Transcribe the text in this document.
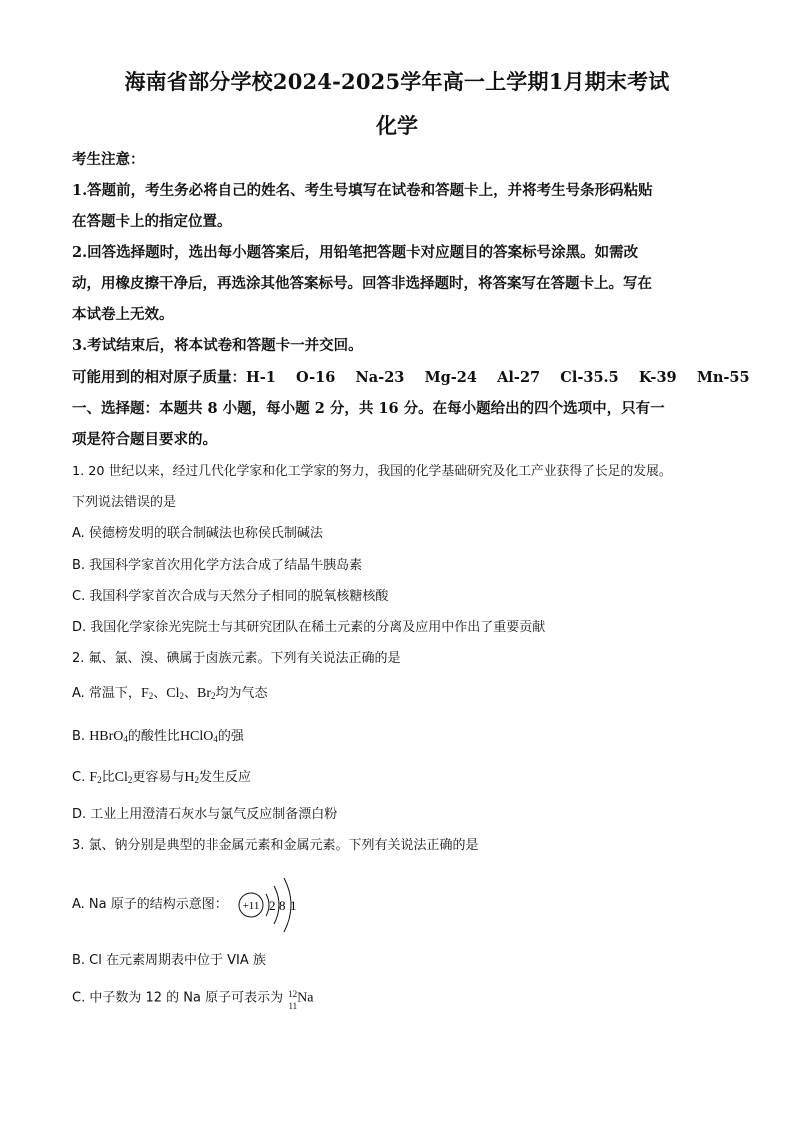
海南省部分学校2024-2025学年高一上学期1月期末考试
化学
考生注意：
1.答题前，考生务必将自己的姓名、考生号填写在试卷和答题卡上，并将考生号条形码粘贴
在答题卡上的指定位置。
2.回答选择题时，选出每小题答案后，用铅笔把答题卡对应题目的答案标号涂黑。如需改
动，用橡皮擦干净后，再选涂其他答案标号。回答非选择题时，将答案写在答题卡上。写在
本试卷上无效。
3.考试结束后，将本试卷和答题卡一并交回。
可能用到的相对原子质量：H-1    O-16    Na-23    Mg-24    Al-27    Cl-35.5    K-39    Mn-55
一、选择题：本题共 8 小题，每小题 2 分，共 16 分。在每小题给出的四个选项中，只有一
项是符合题目要求的。
1. 20 世纪以来，经过几代化学家和化工学家的努力，我国的化学基础研究及化工产业获得了长足的发展。
下列说法错误的是
A. 侯德榜发明的联合制碱法也称侯氏制碱法
B. 我国科学家首次用化学方法合成了结晶牛胰岛素
C. 我国科学家首次合成与天然分子相同的脱氧核糖核酸
D. 我国化学家徐光宪院士与其研究团队在稀土元素的分离及应用中作出了重要贡献
2. 氟、氯、溴、碘属于卤族元素。下列有关说法正确的是
A. 常温下，$F_2$、$Cl_2$、$Br_2$均为气态
B. HBrO$_4$的酸性比HClO$_4$的强
C. $F_2$比$Cl_2$更容易与$H_2$发生反应
D. 工业上用澄清石灰水与氯气反应制备漂白粉
3. 氯、钠分别是典型的非金属元素和金属元素。下列有关说法正确的是
A. Na 原子的结构示意图： +11 2 8 1
B. Cl 在元素周期表中位于 VIA 族
C. 中子数为 12 的 Na 原子可表示为 12
11
Na
